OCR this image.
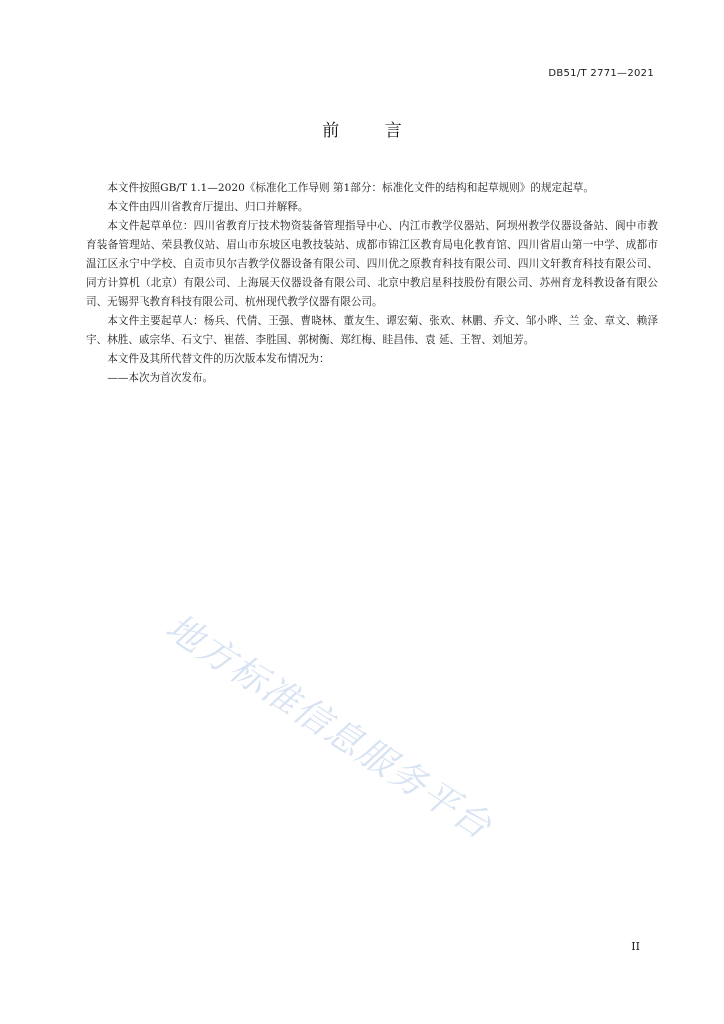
DB51/T 2771—2021
前 言

本文件按照GB/T 1.1—2020《标准化工作导则 第1部分：标准化文件的结构和起草规则》的规定起草。

本文件由四川省教育厅提出、归口并解释。

本文件起草单位：四川省教育厅技术物资装备管理指导中心、内江市教学仪器站、阿坝州教学仪器设备站、阆中市教育装备管理站、荣县教仪站、眉山市东坡区电教技装站、成都市锦江区教育局电化教育馆、四川省眉山第一中学、成都市温江区永宁中学校、自贡市贝尔吉教学仪器设备有限公司、四川优之原教育科技有限公司、四川文轩教育科技有限公司、同方计算机（北京）有限公司、上海展天仪器设备有限公司、北京中教启星科技股份有限公司、苏州育龙科教设备有限公司、无锡羿飞教育科技有限公司、杭州现代教学仪器有限公司。

本文件主要起草人：杨兵、代倩、王强、曹晓林、董友生、谭宏菊、张欢、林鹏、乔文、邹小晔、兰 金、章文、赖泽宇、林胜、戚宗华、石文宁、崔蓓、李胜国、郭树衡、郑红梅、眭昌伟、袁 延、王智、刘旭芳。

本文件及其所代替文件的历次版本发布情况为：

——本次为首次发布。

地方标准信息服务平台
II
